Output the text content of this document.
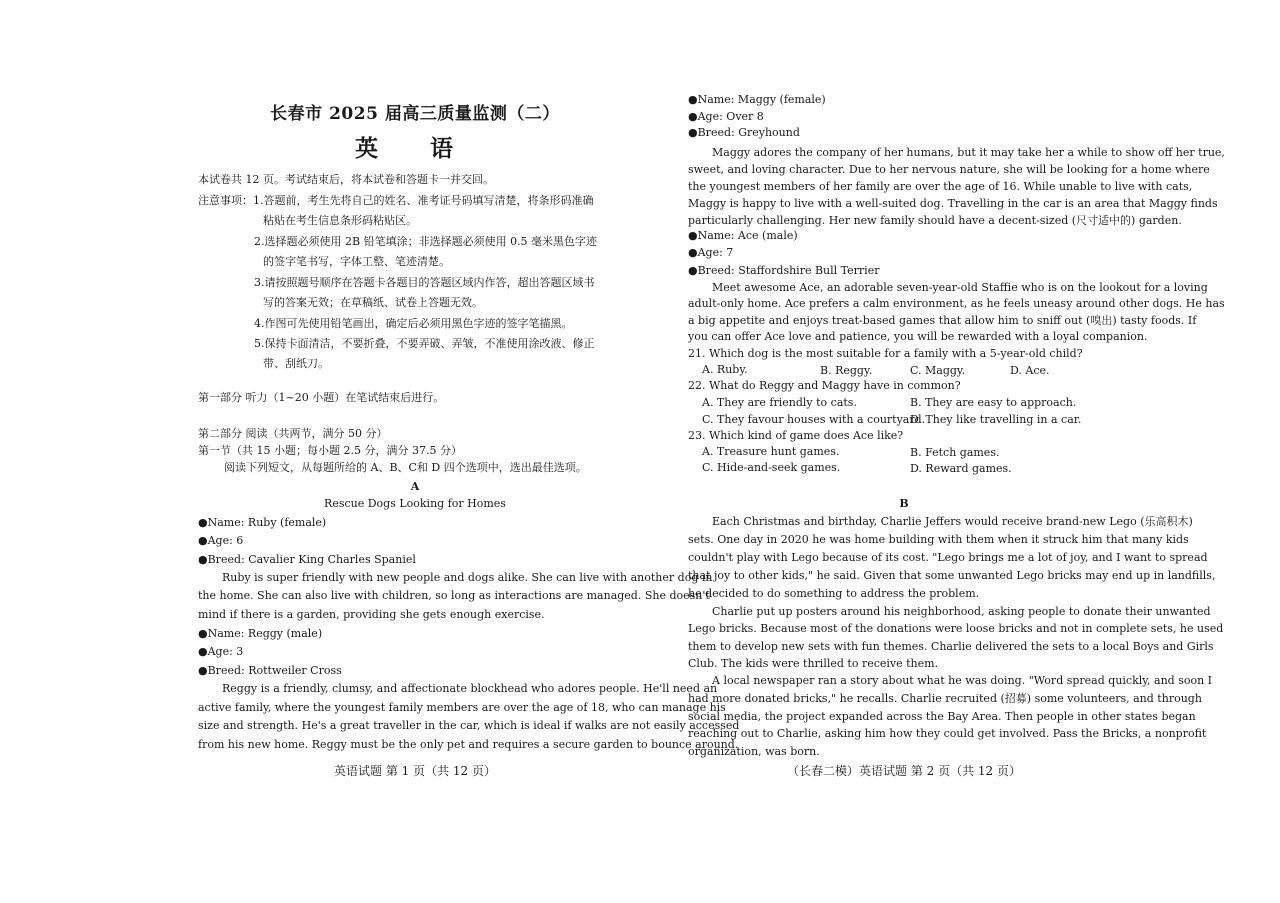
长春市 2025 届高三质量监测（二）
英 语
本试卷共 12 页。考试结束后，将本试卷和答题卡一并交回。
注意事项：1.答题前，考生先将自己的姓名、准考证号码填写清楚，将条形码准确
粘贴在考生信息条形码粘贴区。
2.选择题必须使用 2B 铅笔填涂；非选择题必须使用 0.5 毫米黑色字迹
的签字笔书写，字体工整、笔迹清楚。
3.请按照题号顺序在答题卡各题目的答题区域内作答，超出答题区域书
写的答案无效；在草稿纸、试卷上答题无效。
4.作图可先使用铅笔画出，确定后必须用黑色字迹的签字笔描黑。
5.保持卡面清洁，不要折叠，不要弄破、弄皱，不准使用涂改液、修正
带、刮纸刀。
第一部分 听力（1~20 小题）在笔试结束后进行。
第二部分 阅读（共两节，满分 50 分）
第一节（共 15 小题；每小题 2.5 分，满分 37.5 分）
阅读下列短文，从每题所给的 A、B、C和 D 四个选项中，选出最佳选项。
A
Rescue Dogs Looking for Homes
●Name: Ruby (female)
●Age: 6
●Breed: Cavalier King Charles Spaniel
Ruby is super friendly with new people and dogs alike. She can live with another dog in
the home. She can also live with children, so long as interactions are managed. She doesn't
mind if there is a garden, providing she gets enough exercise.
●Name: Reggy (male)
●Age: 3
●Breed: Rottweiler Cross
Reggy is a friendly, clumsy, and affectionate blockhead who adores people. He'll need an
active family, where the youngest family members are over the age of 18, who can manage his
size and strength. He's a great traveller in the car, which is ideal if walks are not easily accessed
from his new home. Reggy must be the only pet and requires a secure garden to bounce around.
英语试题 第 1 页（共 12 页）
●Name: Maggy (female)
●Age: Over 8
●Breed: Greyhound
Maggy adores the company of her humans, but it may take her a while to show off her true,
sweet, and loving character. Due to her nervous nature, she will be looking for a home where
the youngest members of her family are over the age of 16. While unable to live with cats,
Maggy is happy to live with a well-suited dog. Travelling in the car is an area that Maggy finds
particularly challenging. Her new family should have a decent-sized (尺寸适中的) garden.
●Name: Ace (male)
●Age: 7
●Breed: Staffordshire Bull Terrier
Meet awesome Ace, an adorable seven-year-old Staffie who is on the lookout for a loving
adult-only home. Ace prefers a calm environment, as he feels uneasy around other dogs. He has
a big appetite and enjoys treat-based games that allow him to sniff out (嗅出) tasty foods. If
you can offer Ace love and patience, you will be rewarded with a loyal companion.
21. Which dog is the most suitable for a family with a 5-year-old child?
A. Ruby.	B. Reggy.	C. Maggy.	D. Ace.
22. What do Reggy and Maggy have in common?
A. They are friendly to cats.	B. They are easy to approach.
C. They favour houses with a courtyard.
D. They like travelling in a car.
23. Which kind of game does Ace like?
A. Treasure hunt games.	B. Fetch games.
C. Hide-and-seek games.	D. Reward games.
B
Each Christmas and birthday, Charlie Jeffers would receive brand-new Lego (乐高积木)
sets. One day in 2020 he was home building with them when it struck him that many kids
couldn't play with Lego because of its cost. "Lego brings me a lot of joy, and I want to spread
that joy to other kids," he said. Given that some unwanted Lego bricks may end up in landfills,
he decided to do something to address the problem.
Charlie put up posters around his neighborhood, asking people to donate their unwanted
Lego bricks. Because most of the donations were loose bricks and not in complete sets, he used
them to develop new sets with fun themes. Charlie delivered the sets to a local Boys and Girls
Club. The kids were thrilled to receive them.
A local newspaper ran a story about what he was doing. "Word spread quickly, and soon I
had more donated bricks," he recalls. Charlie recruited (招募) some volunteers, and through
social media, the project expanded across the Bay Area. Then people in other states began
reaching out to Charlie, asking him how they could get involved. Pass the Bricks, a nonprofit
organization, was born.
（长春二模）英语试题 第 2 页（共 12 页）
